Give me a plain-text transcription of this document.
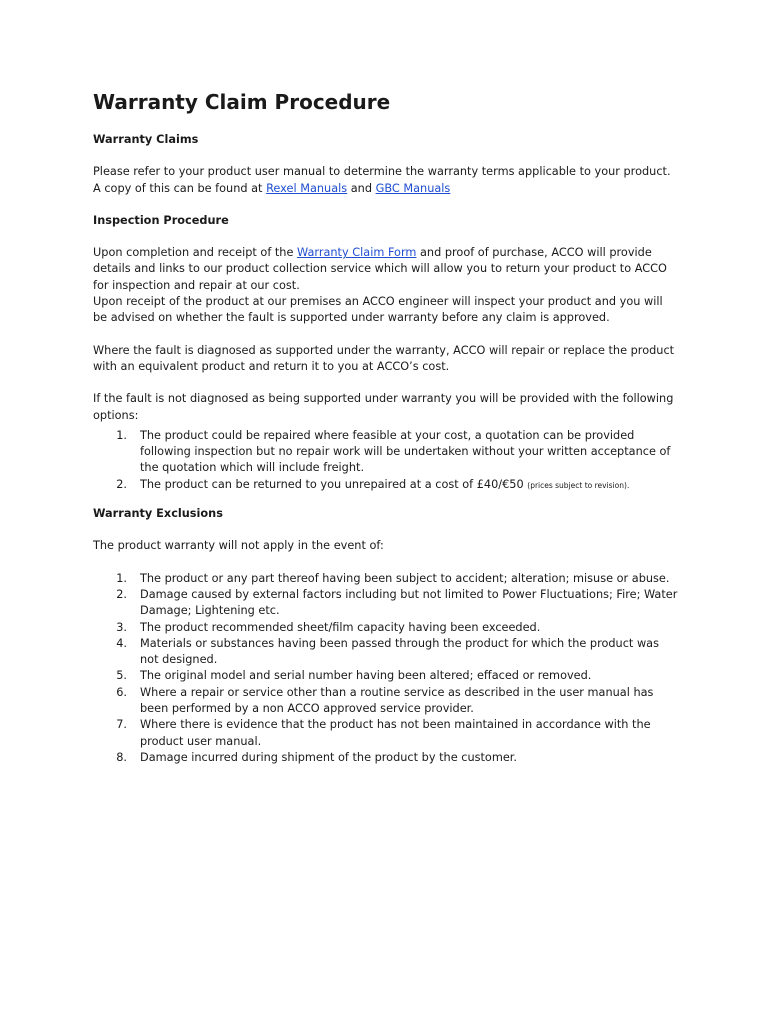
Warranty Claim Procedure
Warranty Claims

Please refer to your product user manual to determine the warranty terms applicable to your product. A copy of this can be found at Rexel Manuals and GBC Manuals

Inspection Procedure

Upon completion and receipt of the Warranty Claim Form and proof of purchase, ACCO will provide details and links to our product collection service which will allow you to return your product to ACCO for inspection and repair at our cost.
Upon receipt of the product at our premises an ACCO engineer will inspect your product and you will be advised on whether the fault is supported under warranty before any claim is approved.

Where the fault is diagnosed as supported under the warranty, ACCO will repair or replace the product with an equivalent product and return it to you at ACCO’s cost.

If the fault is not diagnosed as being supported under warranty you will be provided with the following options:

1.	The product could be repaired where feasible at your cost, a quotation can be provided following inspection but no repair work will be undertaken without your written acceptance of the quotation which will include freight.
2.	The product can be returned to you unrepaired at a cost of £40/€50 (prices subject to revision).
Warranty Exclusions

The product warranty will not apply in the event of:

1.	The product or any part thereof having been subject to accident; alteration; misuse or abuse.
2.	Damage caused by external factors including but not limited to Power Fluctuations; Fire; Water Damage; Lightening etc.
3.	The product recommended sheet/film capacity having been exceeded.
4.	Materials or substances having been passed through the product for which the product was not designed.
5.	The original model and serial number having been altered; effaced or removed.
6.	Where a repair or service other than a routine service as described in the user manual has been performed by a non ACCO approved service provider.
7.	Where there is evidence that the product has not been maintained in accordance with the product user manual.
8.	Damage incurred during shipment of the product by the customer.
